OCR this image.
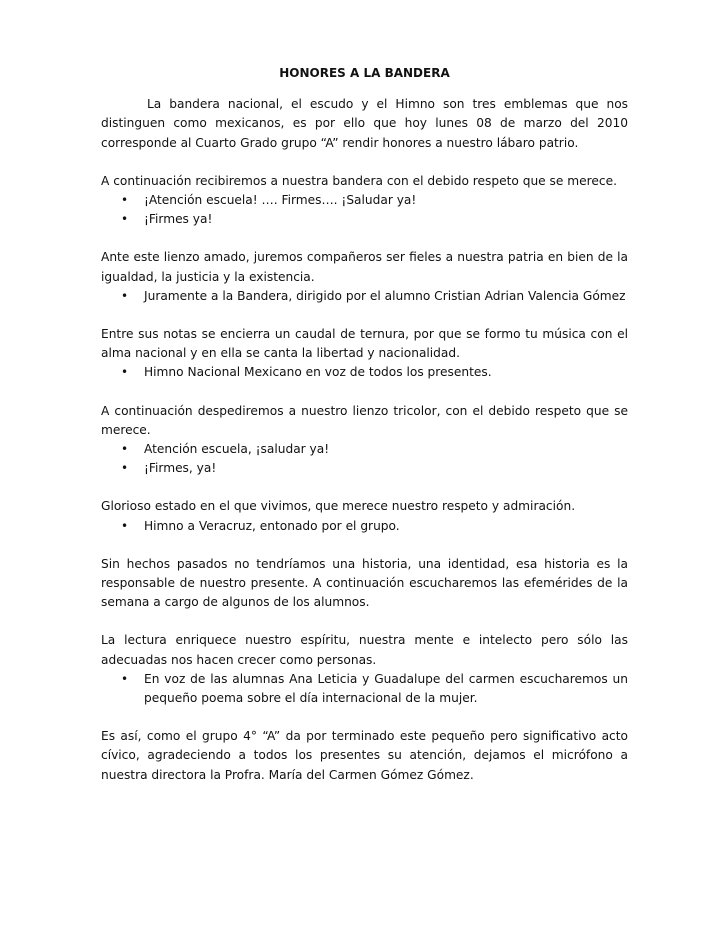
HONORES A LA BANDERA

La bandera nacional, el escudo y el Himno son tres emblemas que nos distinguen como mexicanos, es por ello que hoy lunes 08 de marzo del 2010 corresponde al Cuarto Grado grupo “A” rendir honores a nuestro lábaro patrio.

A continuación recibiremos a nuestra bandera con el debido respeto que se merece.

• ¡Atención escuela! …. Firmes…. ¡Saludar ya!
• ¡Firmes ya!

Ante este lienzo amado, juremos compañeros ser fieles a nuestra patria en bien de la igualdad, la justicia y la existencia.

• Juramente a la Bandera, dirigido por el alumno Cristian Adrian Valencia Gómez

Entre sus notas se encierra un caudal de ternura, por que se formo tu música con el alma nacional y en ella se canta la libertad y nacionalidad.

• Himno Nacional Mexicano en voz de todos los presentes.

A continuación despediremos a nuestro lienzo tricolor, con el debido respeto que se merece.

• Atención escuela, ¡saludar ya!
• ¡Firmes, ya!

Glorioso estado en el que vivimos, que merece nuestro respeto y admiración.

• Himno a Veracruz, entonado por el grupo.

Sin hechos pasados no tendríamos una historia, una identidad, esa historia es la responsable de nuestro presente. A continuación escucharemos las efemérides de la semana a cargo de algunos de los alumnos.

La lectura enriquece nuestro espíritu, nuestra mente e intelecto pero sólo las adecuadas nos hacen crecer como personas.

• En voz de las alumnas Ana Leticia y Guadalupe del carmen escucharemos un pequeño poema sobre el día internacional de la mujer.

Es así, como el grupo 4° “A” da por terminado este pequeño pero significativo acto cívico, agradeciendo a todos los presentes su atención, dejamos el micrófono a nuestra directora la Profra. María del Carmen Gómez Gómez.
